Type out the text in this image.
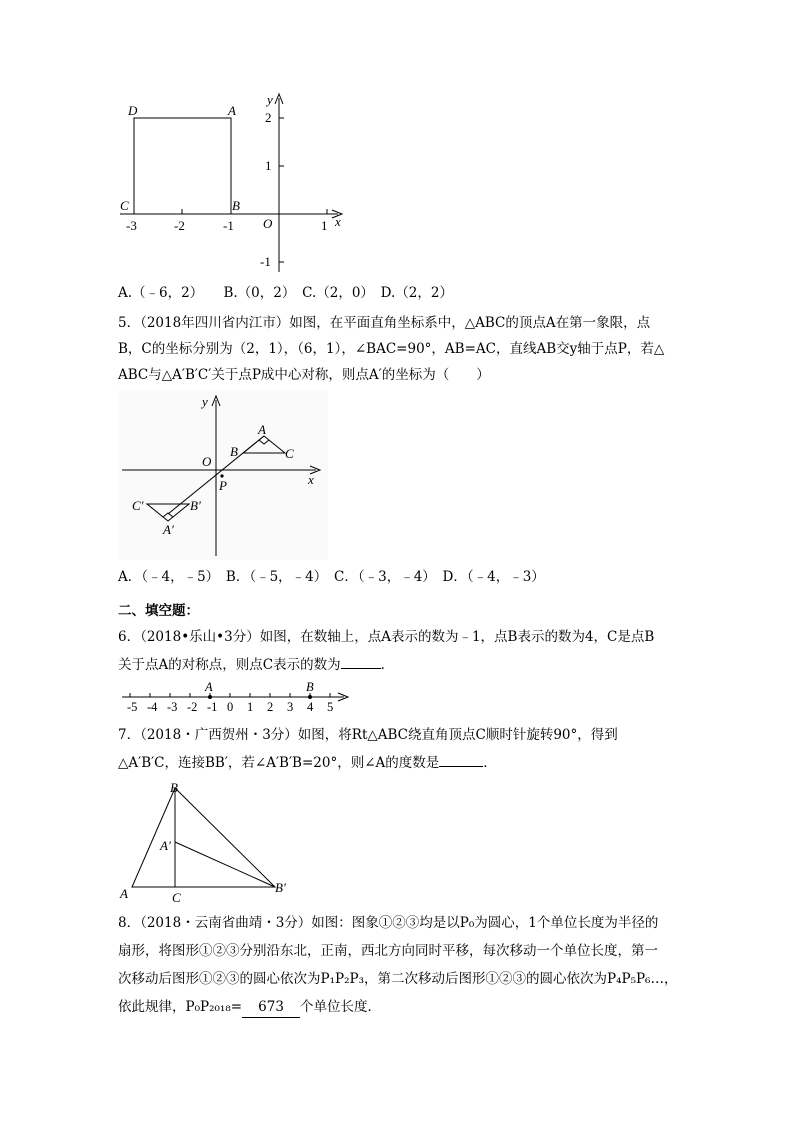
D	A
C	B
O	x
y
-3	-2	-1	1
2
1
-1
A.（﹣6，2）　　B.（0，2）　C.（2，0）　D.（2，2）
5．（2018年四川省内江市）如图，在平面直角坐标系中，△ABC的顶点A在第一象限，点
B，C的坐标分别为（2，1），（6，1），∠BAC=90°，AB=AC，直线AB交y轴于点P，若△
ABC与△A′B′C′关于点P成中心对称，则点A′的坐标为（　　）
y
x
O
P
A
B	C
C′	B′
A′
A．（﹣4，﹣5）　B．（﹣5，﹣4）　C．（﹣3，﹣4）　D．（﹣4，﹣3）
二、填空题：
6．（2018•乐山•3分）如图，在数轴上，点A表示的数为﹣1，点B表示的数为4，C是点B
关于点A的对称点，则点C表示的数为	．
A	B
-5 -4 -3 -2 -1 0 1 2 3 4 5
7．（2018・广西贺州・3分）如图，将Rt△ABC绕直角顶点C顺时针旋转90°，得到
△A′B′C，连接BB′，若∠A′B′B=20°，则∠A的度数是	．
B
A′
A	C
B′
8．（2018・云南省曲靖・3分）如图：图象①②③均是以P₀为圆心，1个单位长度为半径的
扇形，将图形①②③分别沿东北，正南，西北方向同时平移，每次移动一个单位长度，第一
次移动后图形①②③的圆心依次为P₁P₂P₃，第二次移动后图形①②③的圆心依次为P₄P₅P₆…，
依此规律，P₀P₂₀₁₈= 673 个单位长度．
